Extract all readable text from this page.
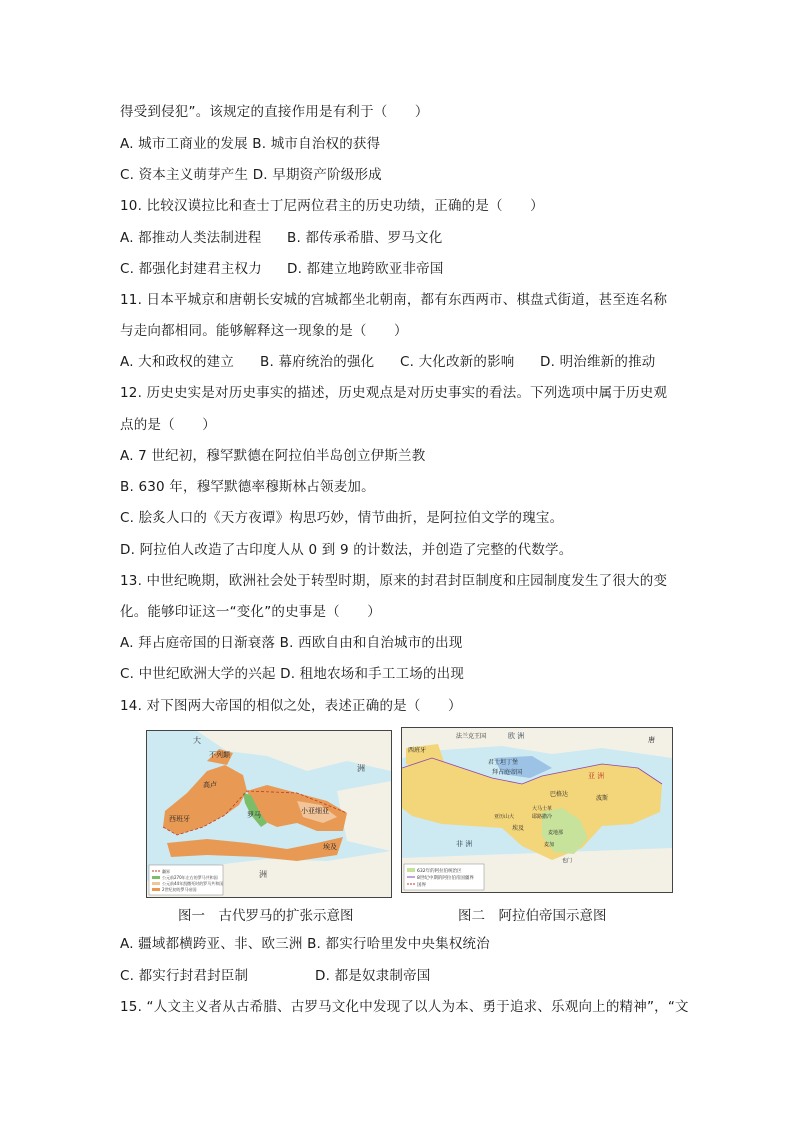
得受到侵犯”。该规定的直接作用是有利于（　　）
A. 城市工商业的发展 B. 城市自治权的获得
C. 资本主义萌芽产生 D. 早期资产阶级形成
10. 比较汉谟拉比和查士丁尼两位君主的历史功绩，正确的是（　　）
A. 都推动人类法制进程 B. 都传承希腊、罗马文化
C. 都强化封建君主权力 D. 都建立地跨欧亚非帝国
11. 日本平城京和唐朝长安城的宫城都坐北朝南，都有东西两市、棋盘式街道，甚至连名称
与走向都相同。能够解释这一现象的是（　　）
A. 大和政权的建立 B. 幕府统治的强化 C. 大化改新的影响 D. 明治维新的推动
12. 历史史实是对历史事实的描述，历史观点是对历史事实的看法。下列选项中属于历史观
点的是（　　）
A. 7 世纪初，穆罕默德在阿拉伯半岛创立伊斯兰教
B. 630 年，穆罕默德率穆斯林占领麦加。
C. 脍炙人口的《天方夜谭》构思巧妙，情节曲折，是阿拉伯文学的瑰宝。
D. 阿拉伯人改造了古印度人从 0 到 9 的计数法，并创造了完整的代数学。
13. 中世纪晚期，欧洲社会处于转型时期，原来的封君封臣制度和庄园制度发生了很大的变
化。能够印证这一“变化”的史事是（　　）
A. 拜占庭帝国的日渐衰落 B. 西欧自由和自治城市的出现
C. 中世纪欧洲大学的兴起 D. 租地农场和手工工场的出现
14. 对下图两大帝国的相似之处，表述正确的是（　　）
大
不列颠
高卢
西班牙	罗马	小亚细亚
埃及
洲
洲
疆界
公元前270年左右的罗马共和国
公元前44年凯撒死时的罗马共和国
2世纪初的罗马帝国
法兰克王国	欧 洲
西班牙
君士坦丁堡
拜占庭帝国	亚 洲
唐
巴格达
波斯
大马士革
亚历山大	耶路撒冷
埃及
麦地那
麦加
也门
非 洲
632年的阿拉伯统治区
8世纪中期的阿拉伯帝国疆界
国界
图一　古代罗马的扩张示意图	图二　阿拉伯帝国示意图
A. 疆域都横跨亚、非、欧三洲 B. 都实行哈里发中央集权统治
C. 都实行封君封臣制	D. 都是奴隶制帝国
15. “人文主义者从古希腊、古罗马文化中发现了以人为本、勇于追求、乐观向上的精神”，“文
